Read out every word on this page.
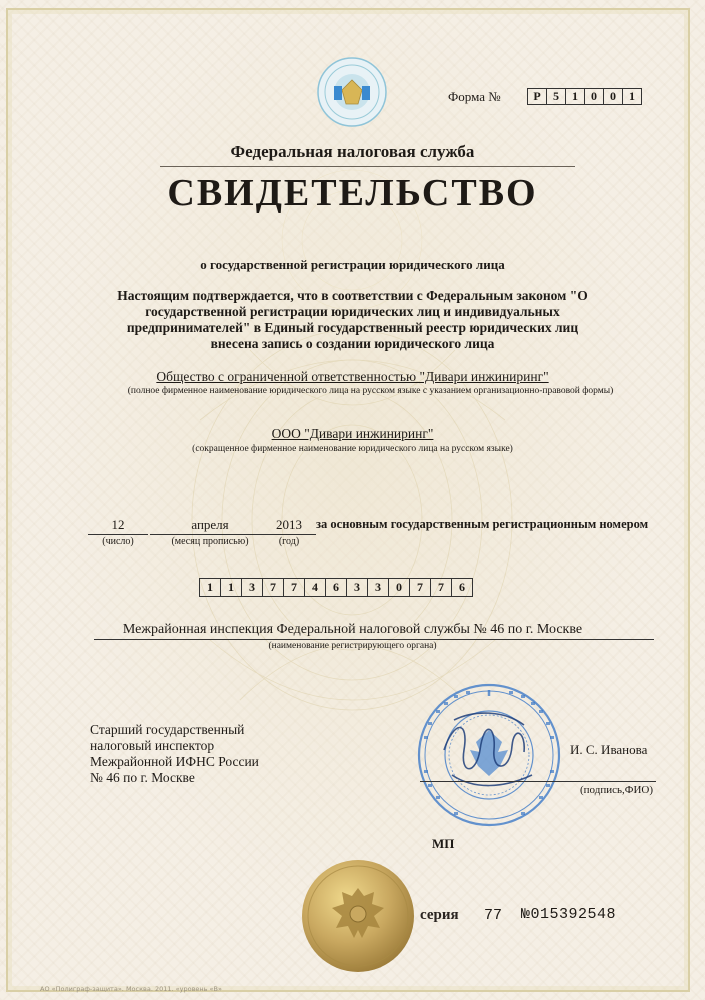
Форма №	Р	5	1	0	0	1
Федеральная налоговая служба
СВИДЕТЕЛЬСТВО
о государственной регистрации юридического лица
Настоящим подтверждается, что в соответствии с Федеральным законом "О государственной регистрации юридических лиц и индивидуальных предпринимателей" в Единый государственный реестр юридических лиц внесена запись о создании юридического лица
Общество с ограниченной ответственностью "Дивари инжиниринг"
(полное фирменное наименование юридического лица на русском языке с указанием организационно-правовой формы)
ООО "Дивари инжиниринг"
(сокращенное фирменное наименование юридического лица на русском языке)
12
(число)
апреля
(месяц прописью)
2013
(год)
за основным государственным регистрационным номером
1	1	3	7	7	4	6	3	3	0	7	7	6
Межрайонная инспекция Федеральной налоговой службы № 46 по г. Москве
(наименование регистрирующего органа)
Старший государственный
налоговый инспектор
Межрайонной ИФНС России
№ 46 по г. Москве
И. С. Иванова
(подпись,ФИО)
МП
серия 77 №015392548
АО «Полиграф-защита». Москва. 2011. «уровень «В»
